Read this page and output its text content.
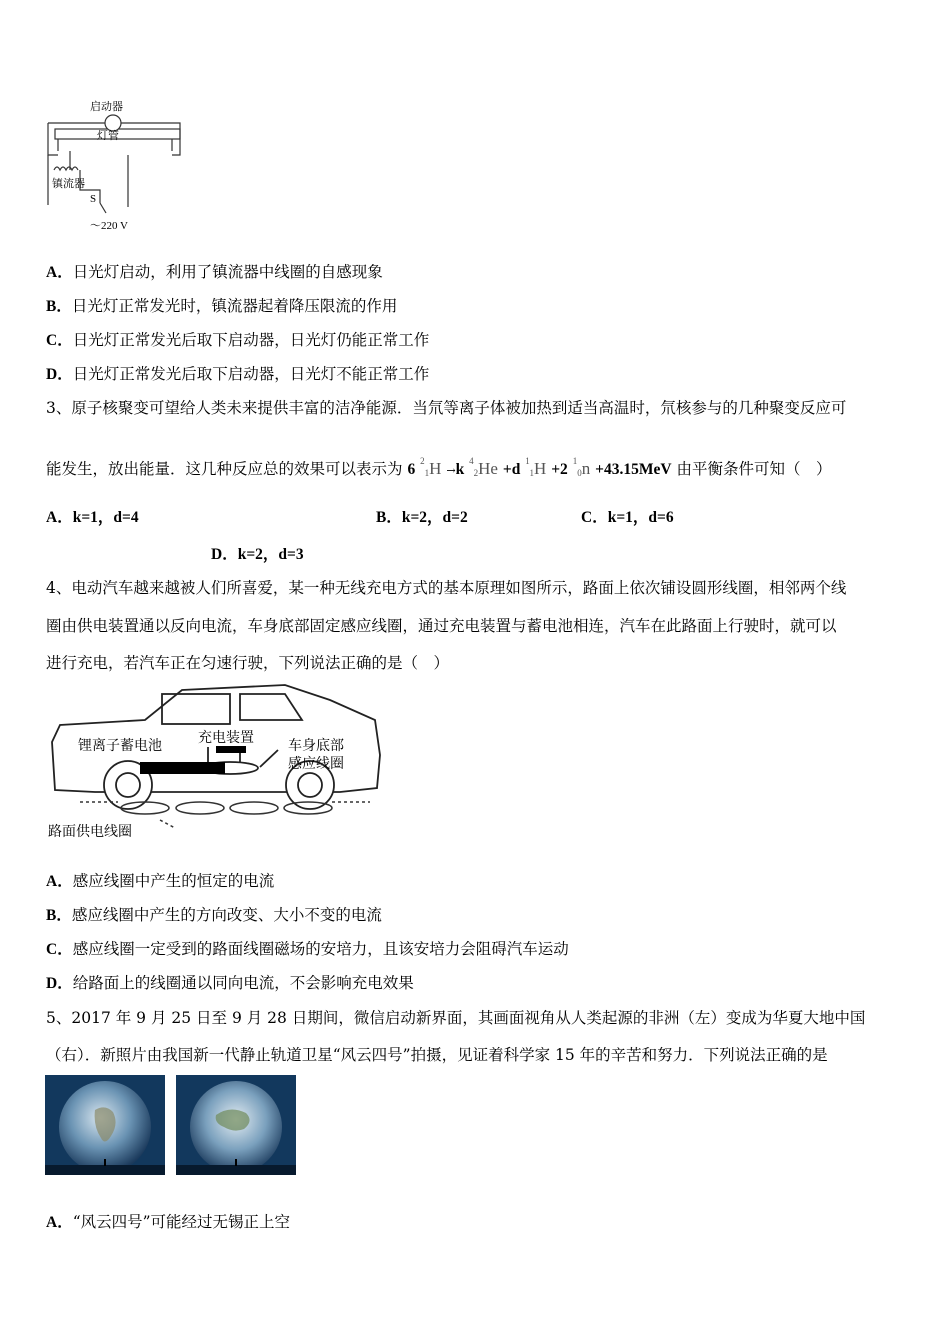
启动器
灯管
镇流器
S
～220 V
A．日光灯启动，利用了镇流器中线圈的自感现象
B．日光灯正常发光时，镇流器起着降压限流的作用
C．日光灯正常发光后取下启动器，日光灯仍能正常工作
D．日光灯正常发光后取下启动器，日光灯不能正常工作
3、原子核聚变可望给人类未来提供丰富的洁净能源．当氘等离子体被加热到适当高温时，氘核参与的几种聚变反应可
能发生，放出能量．这几种反应总的效果可以表示为 6 $^2$1H →k $^4$2He +d $^1$1H +2 $^1$0n +43.15MeV 由平衡条件可知（　）
A．k=1，d=4	B．k=2，d=2	C．k=1，d=6
D．k=2，d=3
4、电动汽车越来越被人们所喜爱，某一种无线充电方式的基本原理如图所示，路面上依次铺设圆形线圈，相邻两个线
圈由供电装置通以反向电流，车身底部固定感应线圈，通过充电装置与蓄电池相连，汽车在此路面上行驶时，就可以
进行充电，若汽车正在匀速行驶，下列说法正确的是（　）
锂离子蓄电池	充电装置 车身底部
感应线圈
路面供电线圈
A．感应线圈中产生的恒定的电流
B．感应线圈中产生的方向改变、大小不变的电流
C．感应线圈一定受到的路面线圈磁场的安培力，且该安培力会阻碍汽车运动
D．给路面上的线圈通以同向电流，不会影响充电效果
5、2017 年 9 月 25 日至 9 月 28 日期间，微信启动新界面，其画面视角从人类起源的非洲（左）变成为华夏大地中国
（右）．新照片由我国新一代静止轨道卫星“风云四号”拍摄，见证着科学家 15 年的辛苦和努力．下列说法正确的是
A．“风云四号”可能经过无锡正上空
